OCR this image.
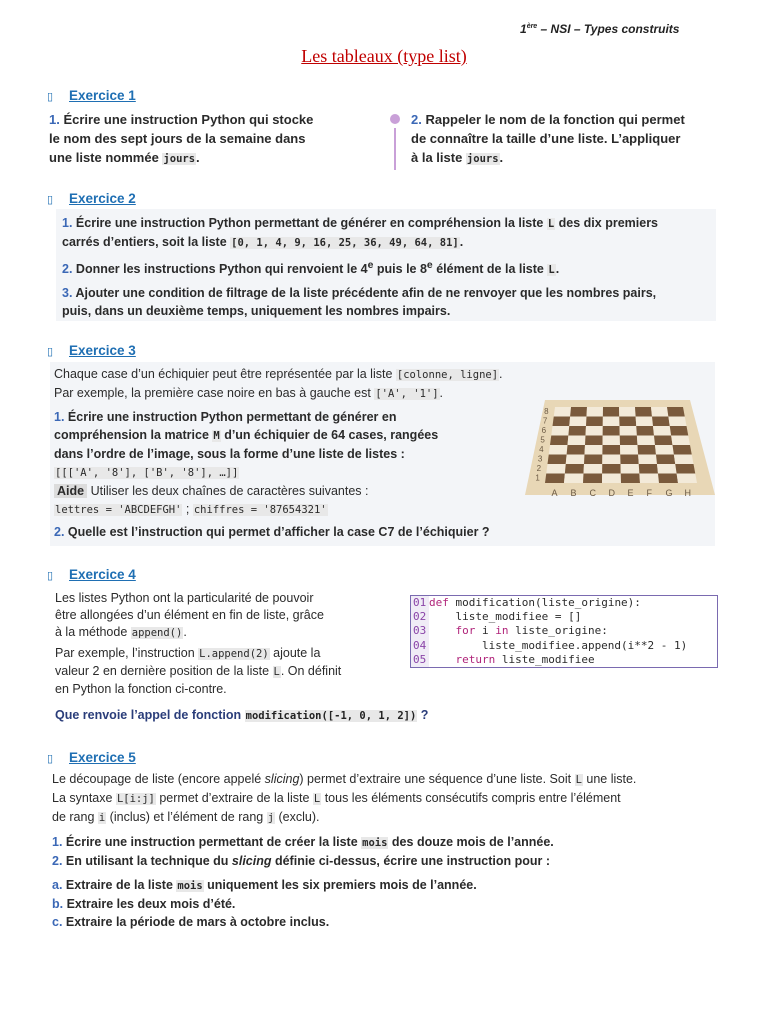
1ère – NSI – Types construits
Les tableaux (type list)
▯ Exercice 1
1. Écrire une instruction Python qui stocke
le nom des sept jours de la semaine dans
une liste nommée jours.
2. Rappeler le nom de la fonction qui permet
de connaître la taille d’une liste. L’appliquer
à la liste jours.
▯ Exercice 2
1. Écrire une instruction Python permettant de générer en compréhension la liste L des dix premiers
carrés d’entiers, soit la liste [0, 1, 4, 9, 16, 25, 36, 49, 64, 81].
2. Donner les instructions Python qui renvoient le 4e puis le 8e élément de la liste L.
3. Ajouter une condition de filtrage de la liste précédente afin de ne renvoyer que les nombres pairs,
puis, dans un deuxième temps, uniquement les nombres impairs.
▯ Exercice 3
Chaque case d’un échiquier peut être représentée par la liste [colonne, ligne].
Par exemple, la première case noire en bas à gauche est ['A', '1'].
1. Écrire une instruction Python permettant de générer en
compréhension la matrice M d’un échiquier de 64 cases, rangées
dans l’ordre de l’image, sous la forme d’une liste de listes :
[[['A', '8'], ['B', '8'], …]]
Aide Utiliser les deux chaînes de caractères suivantes :
lettres = 'ABCDEFGH' ; chiffres = '87654321'
2. Quelle est l’instruction qui permet d’afficher la case C7 de l’échiquier ?
8
7
6
5
4
3
2
1
A B C D E F G H
▯ Exercice 4
Les listes Python ont la particularité de pouvoir
être allongées d’un élément en fin de liste, grâce
à la méthode append().
Par exemple, l’instruction L.append(2) ajoute la
valeur 2 en dernière position de la liste L. On définit
en Python la fonction ci-contre.
01 def modification(liste_origine):
02    liste_modifiee = []
03    for i in liste_origine:
04        liste_modifiee.append(i**2 - 1)
05    return liste_modifiee
Que renvoie l’appel de fonction modification([-1, 0, 1, 2]) ?
▯ Exercice 5
Le découpage de liste (encore appelé slicing) permet d’extraire une séquence d’une liste. Soit L une liste.
La syntaxe L[i:j] permet d’extraire de la liste L tous les éléments consécutifs compris entre l’élément
de rang i (inclus) et l’élément de rang j (exclu).
1. Écrire une instruction permettant de créer la liste mois des douze mois de l’année.
2. En utilisant la technique du slicing définie ci-dessus, écrire une instruction pour :
a. Extraire de la liste mois uniquement les six premiers mois de l’année.
b. Extraire les deux mois d’été.
c. Extraire la période de mars à octobre inclus.
